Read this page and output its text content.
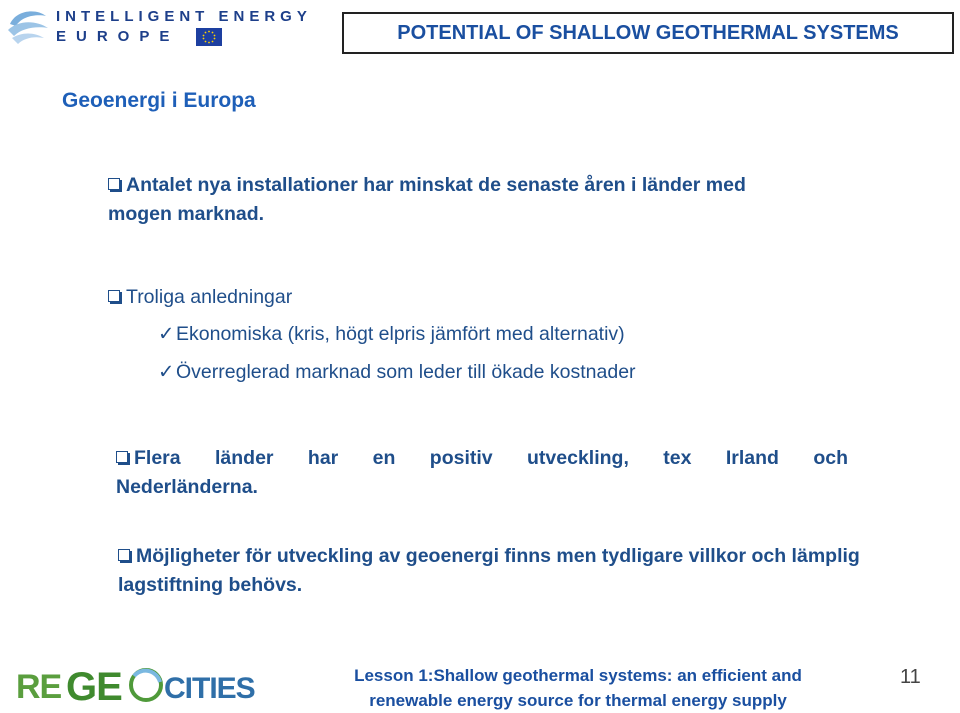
INTELLIGENT ENERGY
EUROPE	POTENTIAL OF SHALLOW GEOTHERMAL SYSTEMS
Geoenergi i Europa
Antalet nya installationer har minskat de senaste åren i länder med mogen marknad.
Troliga anledningar
✓Ekonomiska (kris, högt elpris jämfört med alternativ)
✓Överreglerad marknad som leder till ökade kostnader
Flera länder har en positiv utveckling, tex Irland och
Nederländerna.
Möjligheter för utveckling av geoenergi finns men tydligare villkor och lämplig lagstiftning behövs.
RE GE CITIES	Lesson 1:Shallow geothermal systems: an efficient and
renewable energy source for thermal energy supply
11
